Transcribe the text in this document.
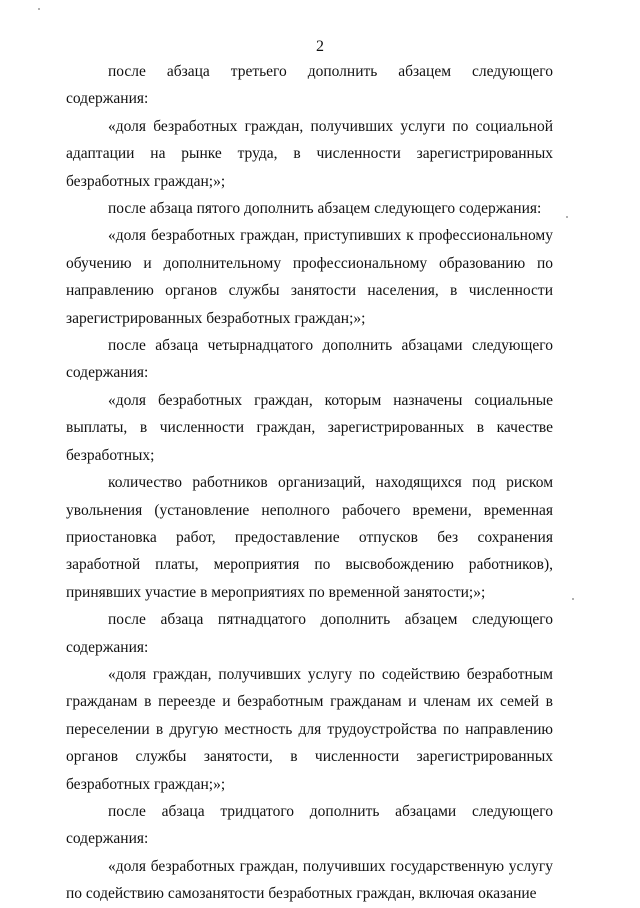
2

после абзаца третьего дополнить абзацем следующего содержания:

«доля безработных граждан, получивших услуги по социальной адаптации на рынке труда, в численности зарегистрированных безработных граждан;»;

после абзаца пятого дополнить абзацем следующего содержания:

«доля безработных граждан, приступивших к профессиональному обучению и дополнительному профессиональному образованию по направлению органов службы занятости населения, в численности зарегистрированных безработных граждан;»;

после абзаца четырнадцатого дополнить абзацами следующего содержания:

«доля безработных граждан, которым назначены социальные выплаты, в численности граждан, зарегистрированных в качестве безработных;

количество работников организаций, находящихся под риском увольнения (установление неполного рабочего времени, временная приостановка работ, предоставление отпусков без сохранения заработной платы, мероприятия по высвобождению работников), принявших участие в мероприятиях по временной занятости;»;

после абзаца пятнадцатого дополнить абзацем следующего содержания:

«доля граждан, получивших услугу по содействию безработным гражданам в переезде и безработным гражданам и членам их семей в переселении в другую местность для трудоустройства по направлению органов службы занятости, в численности зарегистрированных безработных граждан;»;

после абзаца тридцатого дополнить абзацами следующего содержания:

«доля безработных граждан, получивших государственную услугу по содействию самозанятости безработных граждан, включая оказание
